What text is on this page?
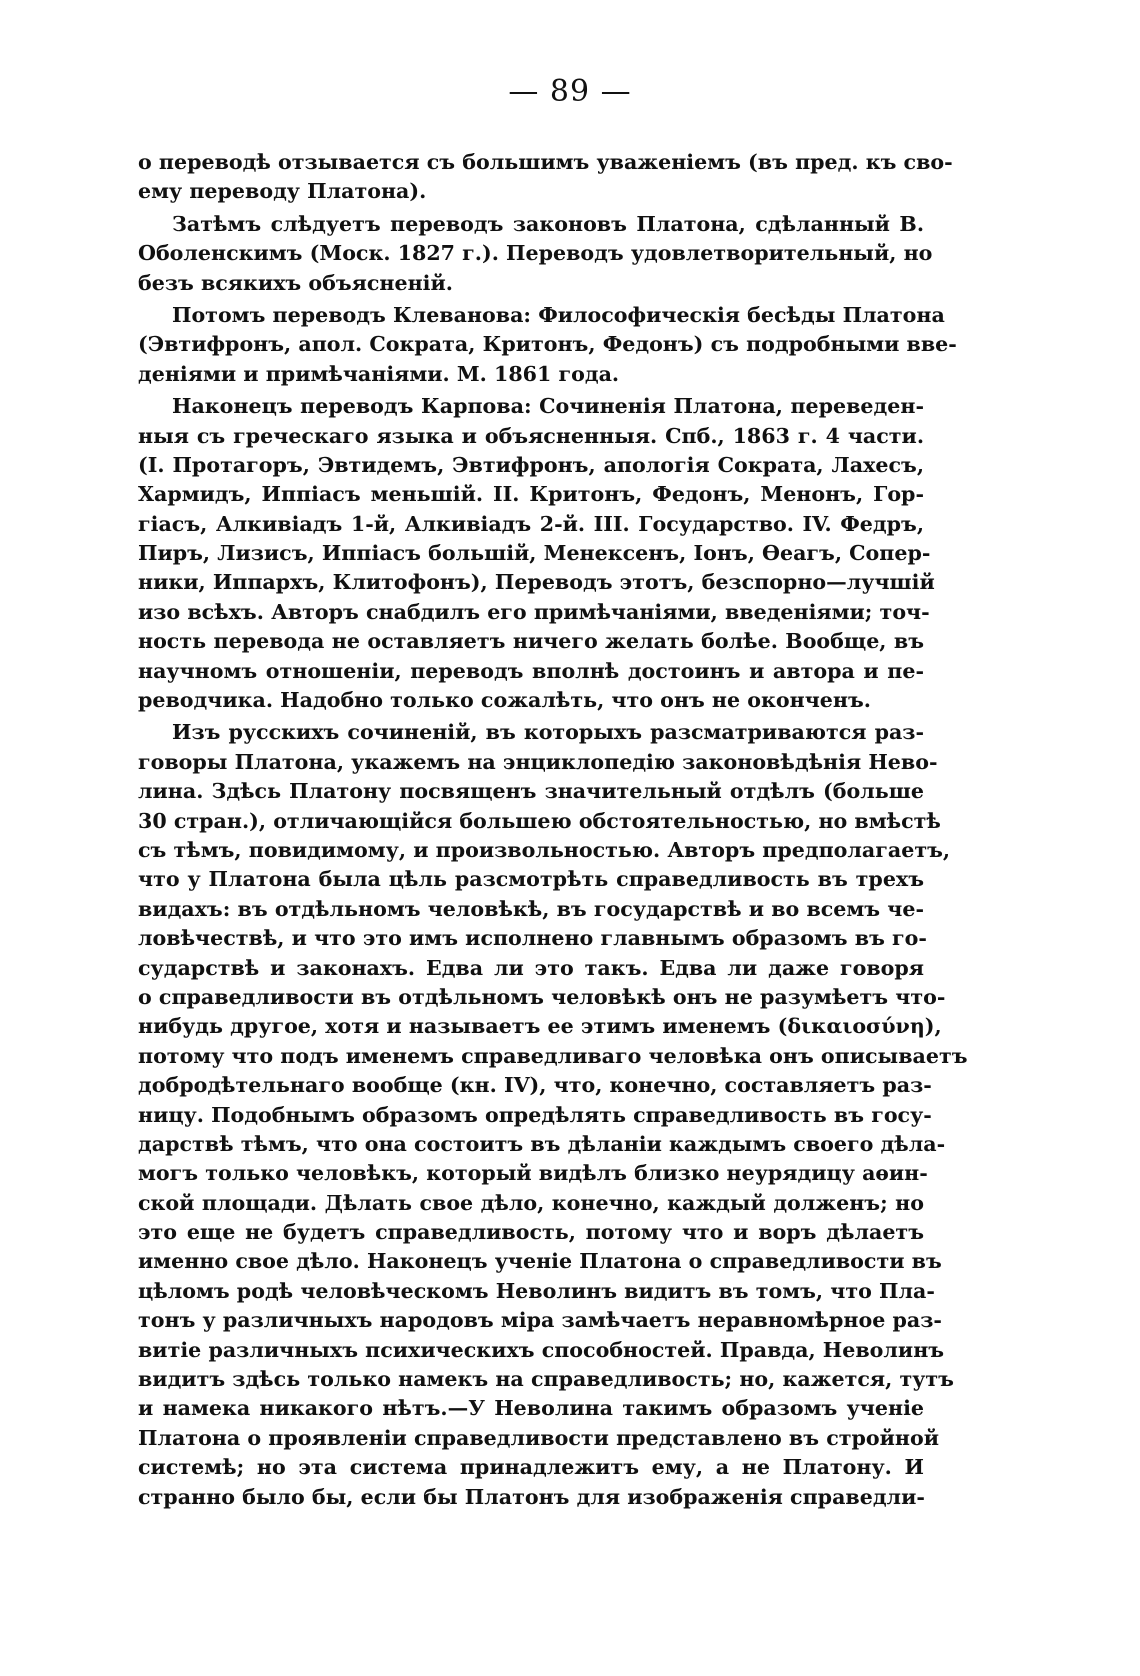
— 89 —
о переводѣ отзывается съ большимъ уваженіемъ (въ пред. къ сво-
ему переводу Платона).
Затѣмъ слѣдуетъ переводъ законовъ Платона, сдѣланный В.
Оболенскимъ (Моск. 1827 г.). Переводъ удовлетворительный, но
безъ всякихъ объясненій.
Потомъ переводъ Клеванова: Философическія бесѣды Платона
(Эвтифронъ, апол. Сократа, Критонъ, Федонъ) съ подробными вве-
деніями и примѣчаніями. М. 1861 года.
Наконецъ переводъ Карпова: Сочиненія Платона, переведен-
ныя съ греческаго языка и объясненныя. Спб., 1863 г. 4 части.
(I. Протагоръ, Эвтидемъ, Эвтифронъ, апологія Сократа, Лахесъ,
Хармидъ, Иппіасъ меньшій. II. Критонъ, Федонъ, Менонъ, Гор-
гіасъ, Алкивіадъ 1-й, Алкивіадъ 2-й. III. Государство. IV. Федръ,
Пиръ, Лизисъ, Иппіасъ большій, Менексенъ, Іонъ, Өеагъ, Сопер-
ники, Иппархъ, Клитофонъ), Переводъ этотъ, безспорно—лучшій
изо всѣхъ. Авторъ снабдилъ его примѣчаніями, введеніями; точ-
ность перевода не оставляетъ ничего желать болѣе. Вообще, въ
научномъ отношеніи, переводъ вполнѣ достоинъ и автора и пе-
реводчика. Надобно только сожалѣть, что онъ не оконченъ.
Изъ русскихъ сочиненій, въ которыхъ разсматриваются раз-
говоры Платона, укажемъ на энциклопедію законовѣдѣнія Нево-
лина. Здѣсь Платону посвященъ значительный отдѣлъ (больше
30 стран.), отличающійся большею обстоятельностью, но вмѣстѣ
съ тѣмъ, повидимому, и произвольностью. Авторъ предполагаетъ,
что у Платона была цѣль разсмотрѣть справедливость въ трехъ
видахъ: въ отдѣльномъ человѣкѣ, въ государствѣ и во всемъ че-
ловѣчествѣ, и что это имъ исполнено главнымъ образомъ въ го-
сударствѣ и законахъ. Едва ли это такъ. Едва ли даже говоря
о справедливости въ отдѣльномъ человѣкѣ онъ не разумѣетъ что-
нибудь другое, хотя и называетъ ее этимъ именемъ (δικαιοσύνη),
потому что подъ именемъ справедливаго человѣка онъ описываетъ
добродѣтельнаго вообще (кн. IV), что, конечно, составляетъ раз-
ницу. Подобнымъ образомъ опредѣлять справедливость въ госу-
дарствѣ тѣмъ, что она состоитъ въ дѣланіи каждымъ своего дѣла-
могъ только человѣкъ, который видѣлъ близко неурядицу аѳин-
ской площади. Дѣлать свое дѣло, конечно, каждый долженъ; но
это еще не будетъ справедливость, потому что и воръ дѣлаетъ
именно свое дѣло. Наконецъ ученіе Платона о справедливости въ
цѣломъ родѣ человѣческомъ Неволинъ видитъ въ томъ, что Пла-
тонъ у различныхъ народовъ міра замѣчаетъ неравномѣрное раз-
витіе различныхъ психическихъ способностей. Правда, Неволинъ
видитъ здѣсь только намекъ на справедливость; но, кажется, тутъ
и намека никакого нѣтъ.—У Неволина такимъ образомъ ученіе
Платона о проявленіи справедливости представлено въ стройной
системѣ; но эта система принадлежитъ ему, а не Платону. И
странно было бы, если бы Платонъ для изображенія справедли-
